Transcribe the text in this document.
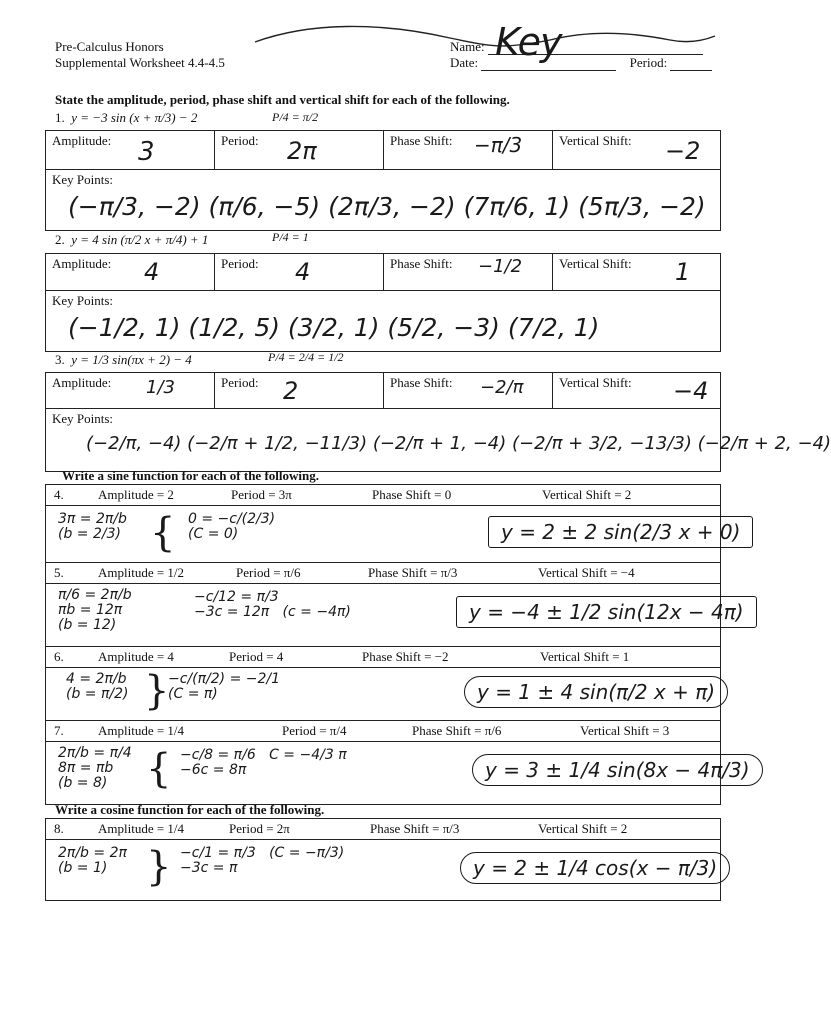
Pre-Calculus Honors
Supplemental Worksheet 4.4-4.5
Name:
Date:	Period:
Key
State the amplitude, period, phase shift and vertical shift for each of the following.
1. y = −3 sin (x + π/3) − 2	P/4 = π/2
Amplitude: 3	Period: 2π	Phase Shift: −π/3	Vertical Shift: −2
Key Points:
(−π/3, −2) (π/6, −5) (2π/3, −2) (7π/6, 1) (5π/3, −2)
2. y = 4 sin (π/2 x + π/4) + 1	P/4 = 1
Amplitude: 4	Period: 4	Phase Shift: −1/2	Vertical Shift: 1
Key Points:
(−1/2, 1) (1/2, 5) (3/2, 1) (5/2, −3) (7/2, 1)
3. y = 1/3 sin(πx + 2) − 4	P/4 = 2/4 = 1/2
Amplitude: 1/3	Period: 2	Phase Shift: −2/π	Vertical Shift: −4
Key Points:
(−2/π, −4) (−2/π + 1/2, −11/3) (−2/π + 1, −4) (−2/π + 3/2, −13/3) (−2/π + 2, −4)
Write a sine function for each of the following.
4.	Amplitude = 2	Period = 3π	Phase Shift = 0	Vertical Shift = 2
3π = 2π/b
(b = 2/3) { 0 = −c/(2/3)
(C = 0)	y = 2 ± 2 sin(2/3 x + 0)
5.	Amplitude = 1/2	Period = π/6	Phase Shift = π/3	Vertical Shift = −4
π/6 = 2π/b
πb = 12π
(b = 12)
−c/12 = π/3
−3c = 12π   (c = −4π)	y = −4 ± 1/2 sin(12x − 4π)
6.	Amplitude = 4	Period = 4	Phase Shift = −2	Vertical Shift = 1
4 = 2π/b
(b = π/2) }
−c/(π/2) = −2/1
(C = π)	y = 1 ± 4 sin(π/2 x + π)
7.	Amplitude = 1/4	Period = π/4	Phase Shift = π/6	Vertical Shift = 3
2π/b = π/4
8π = πb
(b = 8) { −c/8 = π/6   C = −4/3 π
−6c = 8π	y = 3 ± 1/4 sin(8x − 4π/3)
Write a cosine function for each of the following.
8.	Amplitude = 1/4	Period = 2π	Phase Shift = π/3	Vertical Shift = 2
2π/b = 2π
(b = 1) } −c/1 = π/3   (C = −π/3)
−3c = π	y = 2 ± 1/4 cos(x − π/3)
